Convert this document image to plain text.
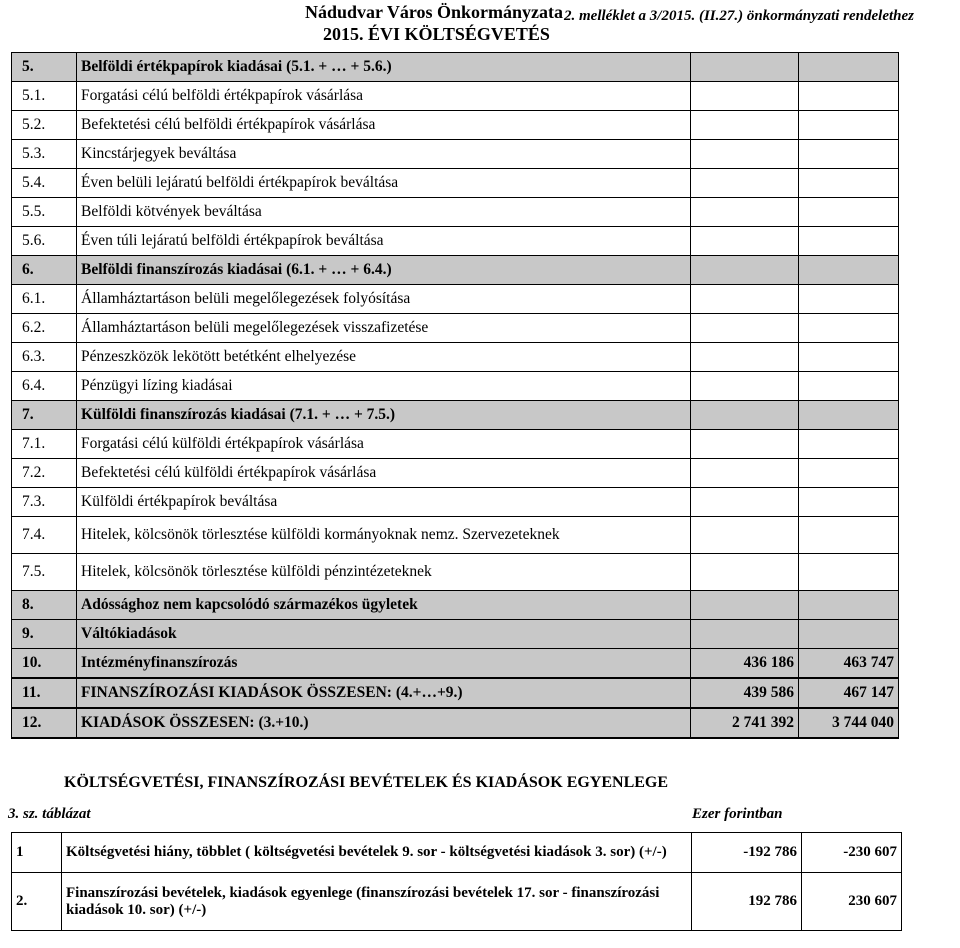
Nádudvar Város Önkormányzata
2015. ÉVI KÖLTSÉGVETÉS
2. melléklet a 3/2015. (II.27.) önkormányzati rendelethez
5.	Belföldi értékpapírok kiadásai (5.1. + … + 5.6.)		
5.1.	Forgatási célú belföldi értékpapírok vásárlása		
5.2.	Befektetési célú belföldi értékpapírok vásárlása		
5.3.	Kincstárjegyek beváltása		
5.4.	Éven belüli lejáratú belföldi értékpapírok beváltása		
5.5.	Belföldi kötvények beváltása		
5.6.	Éven túli lejáratú belföldi értékpapírok beváltása		
6.	Belföldi finanszírozás kiadásai (6.1. + … + 6.4.)		
6.1.	Államháztartáson belüli megelőlegezések folyósítása		
6.2.	Államháztartáson belüli megelőlegezések visszafizetése		
6.3.	Pénzeszközök lekötött betétként elhelyezése		
6.4.	Pénzügyi lízing kiadásai		
7.	Külföldi finanszírozás kiadásai (7.1. + … + 7.5.)		
7.1.	Forgatási célú külföldi értékpapírok vásárlása		
7.2.	Befektetési célú külföldi értékpapírok vásárlása		
7.3.	Külföldi értékpapírok beváltása		
7.4.	Hitelek, kölcsönök törlesztése külföldi kormányoknak nemz. Szervezeteknek		
7.5.	Hitelek, kölcsönök törlesztése külföldi pénzintézeteknek		
8.	Adóssághoz nem kapcsolódó származékos ügyletek		
9.	Váltókiadások		
10.	Intézményfinanszírozás	436 186	463 747
11.	FINANSZÍROZÁSI KIADÁSOK ÖSSZESEN: (4.+…+9.)	439 586	467 147
12.	KIADÁSOK ÖSSZESEN: (3.+10.)	2 741 392	3 744 040
KÖLTSÉGVETÉSI, FINANSZÍROZÁSI BEVÉTELEK ÉS KIADÁSOK EGYENLEGE
3. sz. táblázat	Ezer forintban
1	Költségvetési hiány, többlet ( költségvetési bevételek 9. sor - költségvetési kiadások 3. sor) (+/-)	-192 786	-230 607
2.	Finanszírozási bevételek, kiadások egyenlege (finanszírozási bevételek 17. sor - finanszírozási kiadások 10. sor) (+/-)	192 786	230 607
